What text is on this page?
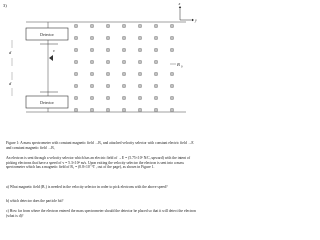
3)
Detector
Detector
E
d
d
B 0
y
x
Figure 1: A mass spectrometer with constant magnetic field →B₀ and attached velocity selector with constant electric field →E and constant magnetic field →B₁
An electron is sent through a velocity selector which has an electric field of →E = (5.75×10³ N/C, upward) with the intent of picking electrons that have a speed of v = 5.3×10⁴ m/s. Upon exiting the velocity selector the electron is sent into a mass spectrometer which has a magnetic field of B₀ = (0.8×10⁻²T , out of the page), as shown in Figure 1.
a) What magnetic field (B₁) is needed in the velocity selector in order to pick electrons with the above speed?
b) which detector does the particle hit?
c) How far from where the electron entered the mass spectrometer should the detector be placed so that it will detect the electron (what is d)?
